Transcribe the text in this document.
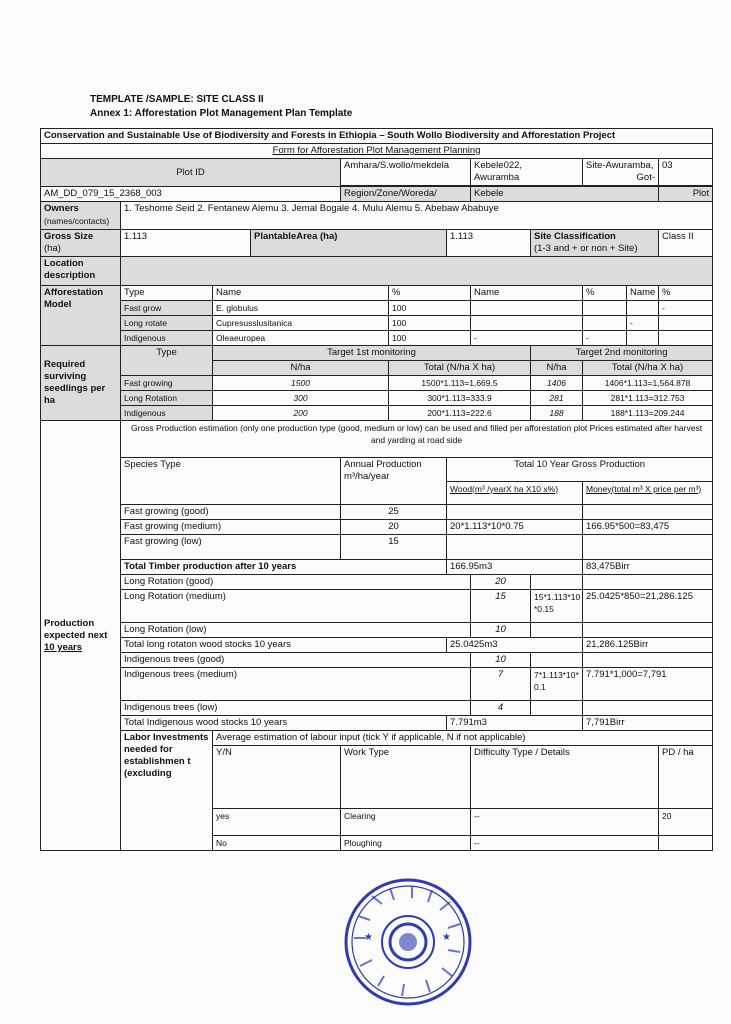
TEMPLATE /SAMPLE: SITE CLASS II
Annex 1: Afforestation Plot Management Plan Template
Conservation and Sustainable Use of Biodiversity and Forests in Ethiopia – South Wollo Biodiversity and Afforestation Project												
Form for Afforestation Plot Management Planning												
Plot ID				Amhara/S.wollo/mekdela			Kebele022,
Awuramba		Site-Awuramba,
Got-		03	

AM_DD_079_15_2368_003				Region/Zone/Woreda/			Kebele				Plot	
Owners
(names/contacts)	1. Teshome Seid 2. Fentanew Alemu 3. Jemal Bogale 4. Mulu Alemu 5. Abebaw Ababuye											
Gross Size
(ha)	1.113		PlantableArea (ha)			1.113		Site Classification
(1-3 and + or non + Site)			Class II	
Location description												
Afforestation Model	Type	Name			%		Name		%	Name	%	
	Fast grow	E. globulus			100						-	
	Long rotate	Cupresusslusitanica			100					-		
	Indigenous	Oleaeuropea			100		-		-			
Required surviving seedlings per ha	Type	Target 1st monitoring						Target 2nd monitoring				
		N/ha			Total (N/ha X ha)			N/ha	Total (N/ha X ha)			
	Fast growing	1500			1500*1.113=1,669.5			1406	1406*1.113=1,564.878			
	Long Rotation	300			300*1.113=333.9			281	281*1.113=312.753			
	Indigenous	200			200*1.113=222.6			188	188*1.113=209.244			
Production expected next
10 years	Gross Production estimation (only one production type (good, medium or low) can be used and filled per afforestation plot Prices estimated after harvest and yarding at road side											
	Species Type			Annual Production m³/ha/year		Total 10 Year Gross Production						
						Wood(m³ /yearX ha X10 x%)			Money(total m³ X price per m³)			
	Fast growing (good)			25								
	Fast growing (medium)			20		20*1.113*10*0.75			166.95*500=83,475			
	Fast growing (low)			15								
	Total Timber production after 10 years					166.95m3			83,475Birr			
	Long Rotation (good)						20					
	Long Rotation (medium)						15	15*1.113*10 *0.15	25.0425*850=21,286.125			
	Long Rotation (low)						10					
	Total long rotaton wood stocks 10 years					25.0425m3			21,286.125Birr			
	Indigenous trees (good)						10					
	Indigenous trees (medium)						7	7*1.113*10* 0.1	7.791*1,000=7,791			
	Indigenous trees (low)						4					
	Total Indigenous wood stocks 10 years					7.791m3			7,791Birr			
	Labor Investments needed for establishmen t (excluding	Average estimation of labour input (tick Y if applicable, N if not applicable)										
		Y/N		Work Type			Difficulty Type / Details				PD / ha	
		yes		Clearing			--				20	
		No		Ploughing			--					
★	★
